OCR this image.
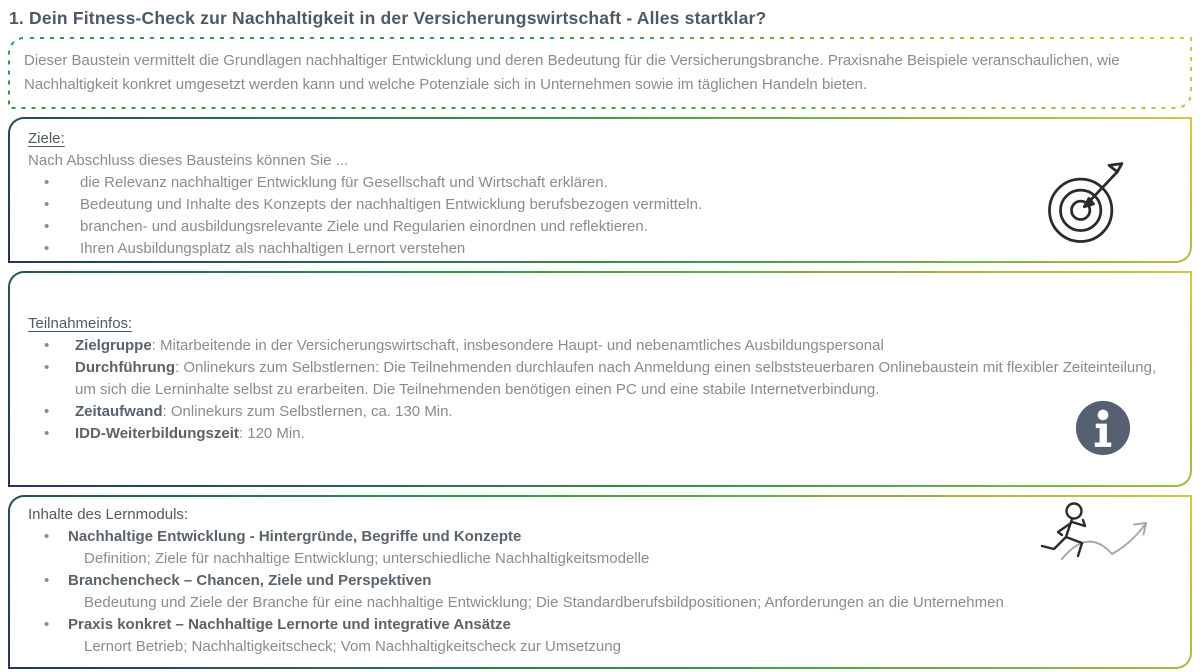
1. Dein Fitness-Check zur Nachhaltigkeit in der Versicherungswirtschaft - Alles startklar?

Dieser Baustein vermittelt die Grundlagen nachhaltiger Entwicklung und deren Bedeutung für die Versicherungsbranche. Praxisnahe Beispiele veranschaulichen, wie Nachhaltigkeit konkret umgesetzt werden kann und welche Potenziale sich in Unternehmen sowie im täglichen Handeln bieten.

Ziele:
Nach Abschluss dieses Bausteins können Sie ...
• die Relevanz nachhaltiger Entwicklung für Gesellschaft und Wirtschaft erklären.
• Bedeutung und Inhalte des Konzepts der nachhaltigen Entwicklung berufsbezogen vermitteln.
• branchen- und ausbildungsrelevante Ziele und Regularien einordnen und reflektieren.
• Ihren Ausbildungsplatz als nachhaltigen Lernort verstehen
Teilnahmeinfos:
• Zielgruppe: Mitarbeitende in der Versicherungswirtschaft, insbesondere Haupt- und nebenamtliches Ausbildungspersonal
• Durchführung: Onlinekurs zum Selbstlernen: Die Teilnehmenden durchlaufen nach Anmeldung einen selbststeuerbaren Onlinebaustein mit flexibler Zeiteinteilung, um sich die Lerninhalte selbst zu erarbeiten. Die Teilnehmenden benötigen einen PC und eine stabile Internetverbindung.
• Zeitaufwand: Onlinekurs zum Selbstlernen, ca. 130 Min.
• IDD-Weiterbildungszeit: 120 Min.
Inhalte des Lernmoduls:
• Nachhaltige Entwicklung - Hintergründe, Begriffe und Konzepte
Definition; Ziele für nachhaltige Entwicklung; unterschiedliche Nachhaltigkeitsmodelle
• Branchencheck – Chancen, Ziele und Perspektiven
Bedeutung und Ziele der Branche für eine nachhaltige Entwicklung; Die Standardberufsbildpositionen; Anforderungen an die Unternehmen
• Praxis konkret – Nachhaltige Lernorte und integrative Ansätze
Lernort Betrieb; Nachhaltigkeitscheck; Vom Nachhaltigkeitscheck zur Umsetzung
